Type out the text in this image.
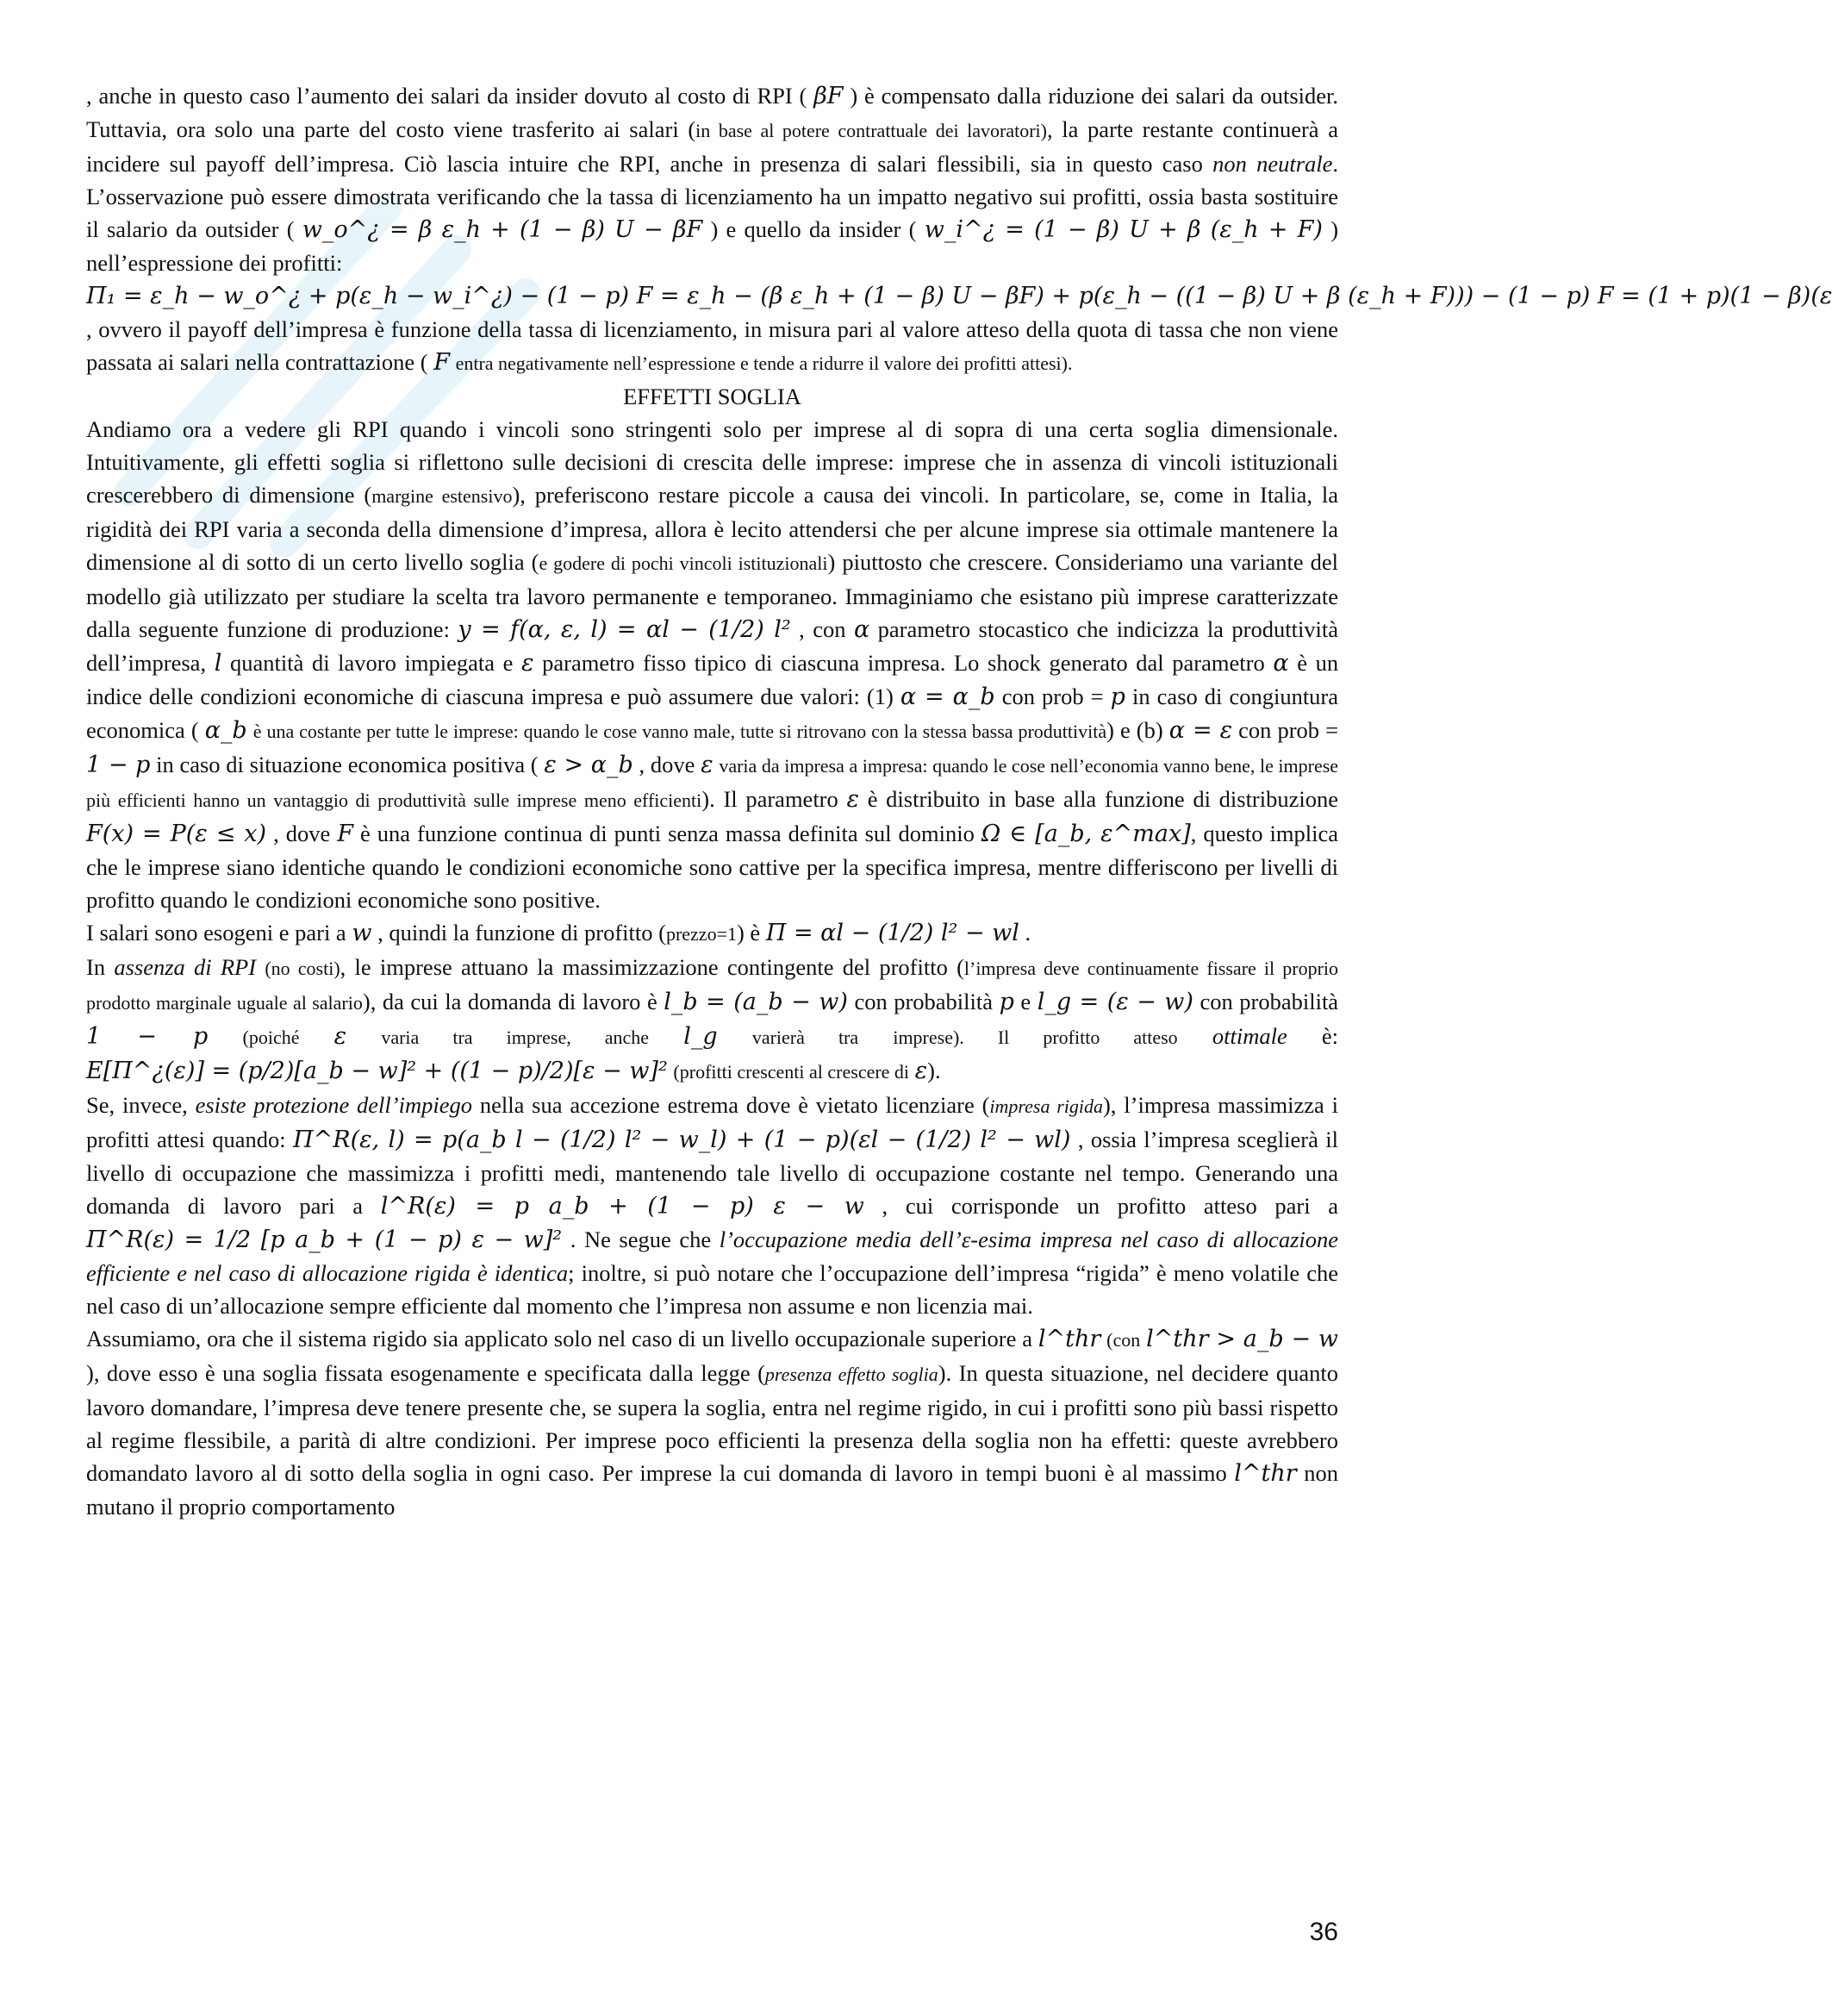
, anche in questo caso l’aumento dei salari da insider dovuto al costo di RPI ( βF ) è compensato dalla riduzione dei salari da outsider. Tuttavia, ora solo una parte del costo viene trasferito ai salari (in base al potere contrattuale dei lavoratori), la parte restante continuerà a incidere sul payoff dell’impresa. Ciò lascia intuire che RPI, anche in presenza di salari flessibili, sia in questo caso non neutrale. L’osservazione può essere dimostrata verificando che la tassa di licenziamento ha un impatto negativo sui profitti, ossia basta sostituire il salario da outsider ( w_o^¿ = β ε_h + (1 − β) U − βF ) e quello da insider ( w_i^¿ = (1 − β) U + β (ε_h + F) ) nell’espressione dei profitti:

Π₁ = ε_h − w_o^¿ + p(ε_h − w_i^¿) − (1 − p) F = ε_h − (β ε_h + (1 − β) U − βF) + p(ε_h − ((1 − β) U + β (ε_h + F))) − (1 − p) F = (1 + p)(1 − β)(ε

, ovvero il payoff dell’impresa è funzione della tassa di licenziamento, in misura pari al valore atteso della quota di tassa che non viene passata ai salari nella contrattazione ( F entra negativamente nell’espressione e tende a ridurre il valore dei profitti attesi).

EFFETTI SOGLIA

Andiamo ora a vedere gli RPI quando i vincoli sono stringenti solo per imprese al di sopra di una certa soglia dimensionale. Intuitivamente, gli effetti soglia si riflettono sulle decisioni di crescita delle imprese: imprese che in assenza di vincoli istituzionali crescerebbero di dimensione (margine estensivo), preferiscono restare piccole a causa dei vincoli. In particolare, se, come in Italia, la rigidità dei RPI varia a seconda della dimensione d’impresa, allora è lecito attendersi che per alcune imprese sia ottimale mantenere la dimensione al di sotto di un certo livello soglia (e godere di pochi vincoli istituzionali) piuttosto che crescere. Consideriamo una variante del modello già utilizzato per studiare la scelta tra lavoro permanente e temporaneo. Immaginiamo che esistano più imprese caratterizzate dalla seguente funzione di produzione: y = f(α, ε, l) = αl − (1/2) l² , con α parametro stocastico che indicizza la produttività dell’impresa, l quantità di lavoro impiegata e ε parametro fisso tipico di ciascuna impresa. Lo shock generato dal parametro α è un indice delle condizioni economiche di ciascuna impresa e può assumere due valori: (1) α = α_b con prob = p in caso di congiuntura economica ( α_b è una costante per tutte le imprese: quando le cose vanno male, tutte si ritrovano con la stessa bassa produttività) e (b) α = ε con prob = 1 − p in caso di situazione economica positiva ( ε > α_b , dove ε varia da impresa a impresa: quando le cose nell’economia vanno bene, le imprese più efficienti hanno un vantaggio di produttività sulle imprese meno efficienti). Il parametro ε è distribuito in base alla funzione di distribuzione F(x) = P(ε ≤ x) , dove F è una funzione continua di punti senza massa definita sul dominio Ω ∈ [a_b, ε^max], questo implica che le imprese siano identiche quando le condizioni economiche sono cattive per la specifica impresa, mentre differiscono per livelli di profitto quando le condizioni economiche sono positive.

I salari sono esogeni e pari a w , quindi la funzione di profitto (prezzo=1) è Π = αl − (1/2) l² − wl .

In assenza di RPI (no costi), le imprese attuano la massimizzazione contingente del profitto (l’impresa deve continuamente fissare il proprio prodotto marginale uguale al salario), da cui la domanda di lavoro è l_b = (a_b − w) con probabilità p e l_g = (ε − w) con probabilità 1 − p (poiché ε varia tra imprese, anche l_g varierà tra imprese). Il profitto atteso ottimale è: E[Π^¿(ε)] = (p/2)[a_b − w]² + ((1 − p)/2)[ε − w]² (profitti crescenti al crescere di ε).

Se, invece, esiste protezione dell’impiego nella sua accezione estrema dove è vietato licenziare (impresa rigida), l’impresa massimizza i profitti attesi quando: Π^R(ε, l) = p(a_b l − (1/2) l² − w_l) + (1 − p)(εl − (1/2) l² − wl) , ossia l’impresa sceglierà il livello di occupazione che massimizza i profitti medi, mantenendo tale livello di occupazione costante nel tempo. Generando una domanda di lavoro pari a l^R(ε) = p a_b + (1 − p) ε − w , cui corrisponde un profitto atteso pari a Π^R(ε) = 1/2 [p a_b + (1 − p) ε − w]² . Ne segue che l’occupazione media dell’ε-esima impresa nel caso di allocazione efficiente e nel caso di allocazione rigida è identica; inoltre, si può notare che l’occupazione dell’impresa “rigida” è meno volatile che nel caso di un’allocazione sempre efficiente dal momento che l’impresa non assume e non licenzia mai.

Assumiamo, ora che il sistema rigido sia applicato solo nel caso di un livello occupazionale superiore a l^thr (con l^thr > a_b − w ), dove esso è una soglia fissata esogenamente e specificata dalla legge (presenza effetto soglia). In questa situazione, nel decidere quanto lavoro domandare, l’impresa deve tenere presente che, se supera la soglia, entra nel regime rigido, in cui i profitti sono più bassi rispetto al regime flessibile, a parità di altre condizioni. Per imprese poco efficienti la presenza della soglia non ha effetti: queste avrebbero domandato lavoro al di sotto della soglia in ogni caso. Per imprese la cui domanda di lavoro in tempi buoni è al massimo l^thr non mutano il proprio comportamento

36
